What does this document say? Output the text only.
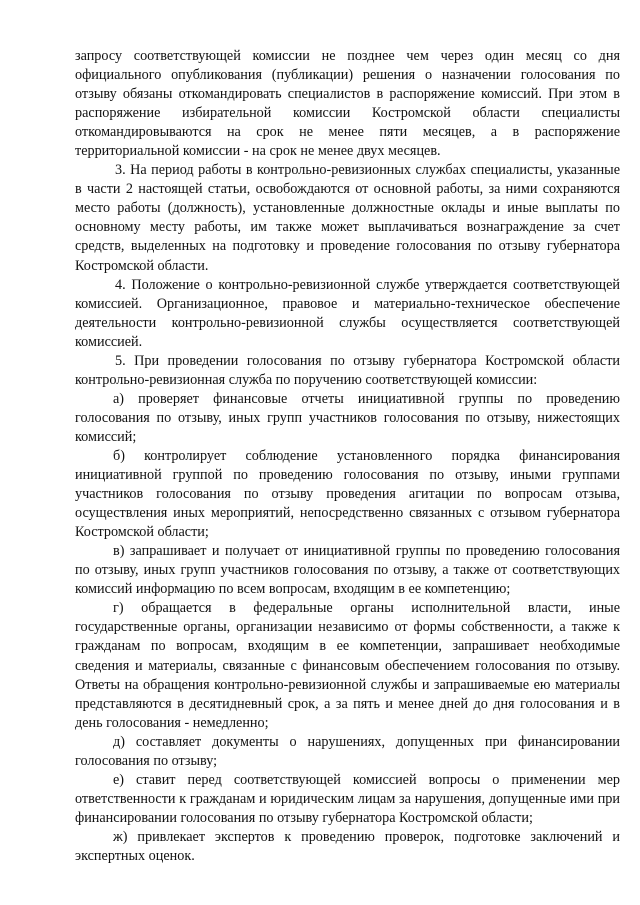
запросу соответствующей комиссии не позднее чем через один месяц со дня официального опубликования (публикации) решения о назначении голосования по отзыву обязаны откомандировать специалистов в распоряжение комиссий. При этом в распоряжение избирательной комиссии Костромской области специалисты откомандировываются на срок не менее пяти месяцев, а в распоряжение территориальной комиссии - на срок не менее двух месяцев.

3. На период работы в контрольно-ревизионных службах специалисты, указанные в части 2 настоящей статьи, освобождаются от основной работы, за ними сохраняются место работы (должность), установленные должностные оклады и иные выплаты по основному месту работы, им также может выплачиваться вознаграждение за счет средств, выделенных на подготовку и проведение голосования по отзыву губернатора Костромской области.

4. Положение о контрольно-ревизионной службе утверждается соответствующей комиссией. Организационное, правовое и материально-техническое обеспечение деятельности контрольно-ревизионной службы осуществляется соответствующей комиссией.

5. При проведении голосования по отзыву губернатора Костромской области контрольно-ревизионная служба по поручению соответствующей комиссии:

а) проверяет финансовые отчеты инициативной группы по проведению голосования по отзыву, иных групп участников голосования по отзыву, нижестоящих комиссий;

б) контролирует соблюдение установленного порядка финансирования инициативной группой по проведению голосования по отзыву, иными группами участников голосования по отзыву проведения агитации по вопросам отзыва, осуществления иных мероприятий, непосредственно связанных с отзывом губернатора Костромской области;

в) запрашивает и получает от инициативной группы по проведению голосования по отзыву, иных групп участников голосования по отзыву, а также от соответствующих комиссий информацию по всем вопросам, входящим в ее компетенцию;

г) обращается в федеральные органы исполнительной власти, иные государственные органы, организации независимо от формы собственности, а также к гражданам по вопросам, входящим в ее компетенции, запрашивает необходимые сведения и материалы, связанные с финансовым обеспечением голосования по отзыву. Ответы на обращения контрольно-ревизионной службы и запрашиваемые ею материалы представляются в десятидневный срок, а за пять и менее дней до дня голосования и в день голосования - немедленно;

д) составляет документы о нарушениях, допущенных при финансировании голосования по отзыву;

е) ставит перед соответствующей комиссией вопросы о применении мер ответственности к гражданам и юридическим лицам за нарушения, допущенные ими при финансировании голосования по отзыву губернатора Костромской области;

ж) привлекает экспертов к проведению проверок, подготовке заключений и экспертных оценок.
